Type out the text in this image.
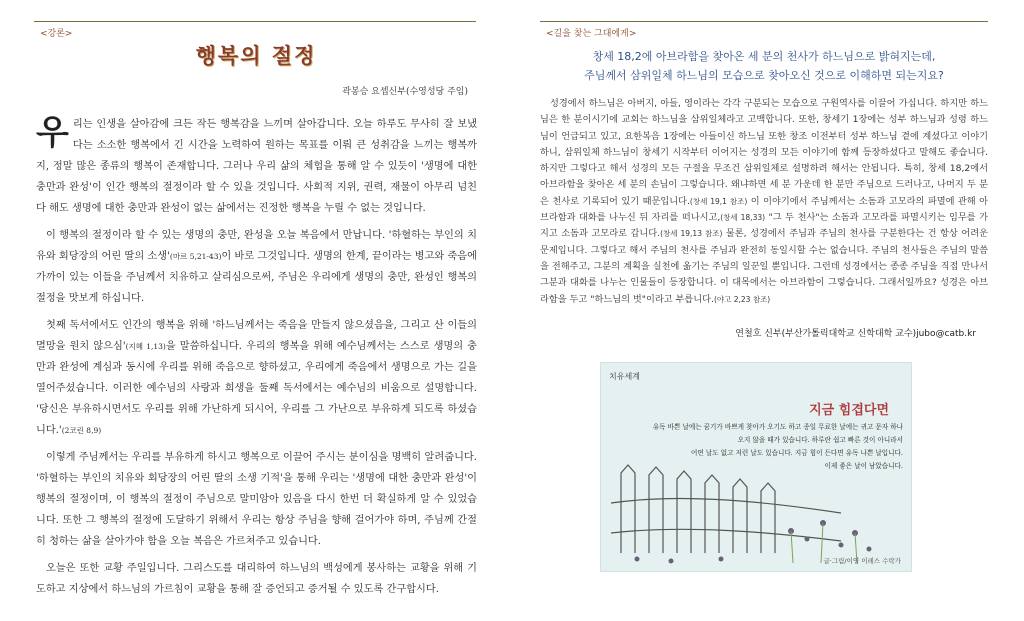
<강론>
행복의 절정
곽봉승 요셉신부(수영성당 주임)

우리는 인생을 살아감에 크든 작든 행복감을 느끼며 살아갑니다. 오늘 하루도 무사히 잘 보냈다는 소소한 행복에서 긴 시간을 노력하여 원하는 목표를 이뤄 큰 성취감을 느끼는 행복까지, 정말 많은 종류의 행복이 존재합니다. 그러나 우리 삶의 체험을 통해 알 수 있듯이 '생명에 대한 충만과 완성'이 인간 행복의 절정이라 할 수 있을 것입니다. 사회적 지위, 권력, 재물이 아무리 넘친다 해도 생명에 대한 충만과 완성이 없는 삶에서는 진정한 행복을 누릴 수 없는 것입니다.

이 행복의 절정이라 할 수 있는 생명의 충만, 완성을 오늘 복음에서 만납니다. '하혈하는 부인의 치유와 회당장의 어린 딸의 소생'(마르 5,21-43)이 바로 그것입니다. 생명의 한계, 끝이라는 병고와 죽음에 가까이 있는 이들을 주님께서 치유하고 살리심으로써, 주님은 우리에게 생명의 충만, 완성인 행복의 절정을 맛보게 하십니다.

첫째 독서에서도 인간의 행복을 위해 '하느님께서는 죽음을 만들지 않으셨음을, 그리고 산 이들의 멸망을 원치 않으심'(지혜 1,13)을 말씀하십니다. 우리의 행복을 위해 예수님께서는 스스로 생명의 충만과 완성에 계심과 동시에 우리를 위해 죽음으로 향하셨고, 우리에게 죽음에서 생명으로 가는 길을 열어주셨습니다. 이러한 예수님의 사랑과 희생을 둘째 독서에서는 예수님의 비움으로 설명합니다. '당신은 부유하시면서도 우리를 위해 가난하게 되시어, 우리를 그 가난으로 부유하게 되도록 하셨습니다.'(2코린 8,9)

이렇게 주님께서는 우리를 부유하게 하시고 행복으로 이끌어 주시는 분이심을 명백히 알려줍니다. '하혈하는 부인의 치유와 회당장의 어린 딸의 소생 기적'을 통해 우리는 '생명에 대한 충만과 완성'이 행복의 절정이며, 이 행복의 절정이 주님으로 말미암아 있음을 다시 한번 더 확실하게 알 수 있었습니다. 또한 그 행복의 절정에 도달하기 위해서 우리는 항상 주님을 향해 걸어가야 하며, 주님께 간절히 청하는 삶을 살아가야 함을 오늘 복음은 가르쳐주고 있습니다.

오늘은 또한 교황 주일입니다. 그리스도를 대리하여 하느님의 백성에게 봉사하는 교황을 위해 기도하고 지상에서 하느님의 가르침이 교황을 통해 잘 증언되고 증거될 수 있도록 간구합시다.

<길을 찾는 그대에게>
창세 18,2에 아브라함을 찾아온 세 분의 천사가 하느님으로 밝혀지는데,
주님께서 삼위일체 하느님의 모습으로 찾아오신 것으로 이해하면 되는지요?

성경에서 하느님은 아버지, 아들, 영이라는 각각 구분되는 모습으로 구원역사를 이끌어 가십니다. 하지만 하느님은 한 분이시기에 교회는 하느님을 삼위일체라고 고백합니다. 또한, 창세기 1장에는 성부 하느님과 성령 하느님이 언급되고 있고, 요한복음 1장에는 아들이신 하느님 또한 창조 이전부터 성부 하느님 곁에 계셨다고 이야기하니, 삼위일체 하느님이 창세기 시작부터 이어지는 성경의 모든 이야기에 함께 등장하셨다고 말해도 좋습니다. 하지만 그렇다고 해서 성경의 모든 구절을 무조건 삼위일체로 설명하려 해서는 안됩니다. 특히, 창세 18,2에서 아브라함을 찾아온 세 분의 손님이 그렇습니다. 왜냐하면 세 분 가운데 한 분만 주님으로 드러나고, 나머지 두 분은 천사로 기록되어 있기 때문입니다.(창세 19,1 참조) 이 이야기에서 주님께서는 소돔과 고모라의 파멸에 관해 아브라함과 대화를 나누신 뒤 자리를 떠나시고,(창세 18,33) "그 두 천사"는 소돔과 고모라를 파멸시키는 임무를 가지고 소돔과 고모라로 갑니다.(창세 19,13 참조) 물론, 성경에서 주님과 주님의 천사를 구분한다는 건 항상 어려운 문제입니다. 그렇다고 해서 주님의 천사를 주님과 완전히 동일시할 수는 없습니다. 주님의 천사들은 주님의 말씀을 전해주고, 그분의 계획을 실천에 옮기는 주님의 일꾼일 뿐입니다. 그런데 성경에서는 종종 주님을 직접 만나서 그분과 대화를 나누는 인물들이 등장합니다. 이 대목에서는 아브라함이 그렇습니다. 그래서일까요? 성경은 아브라함을 두고 "하느님의 벗"이라고 부릅니다.(야고 2,23 참조)

연철호 신부(부산가톨릭대학교 신학대학 교수)jubo@catb.kr
치유세계
지금 힘겹다면
유독 바쁜 날에는 꿈기가 바쁘게 찾아가 오기도 하고 종일 무료한 날에는 귀고 문자 하나
오지 않을 때가 있습니다. 하루란 쉽고 빠른 것이 아니라서
어떤 날도 없고 저런 날도 있습니다. 지금 힘이 든다면 유독 나쁜 날입니다.
이제 좋은 날이 남았습니다.
글·그림/이영 이레스 수락가
